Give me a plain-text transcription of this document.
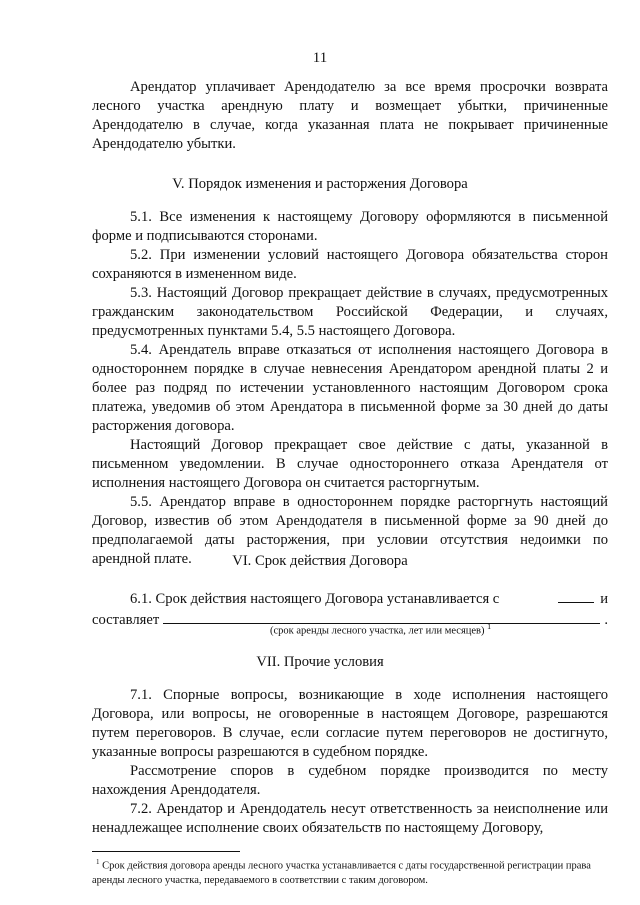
11

Арендатор уплачивает Арендодателю за все время просрочки возврата лесного участка арендную плату и возмещает убытки, причиненные Арендодателю в случае, когда указанная плата не покрывает причиненные Арендодателю убытки.

V. Порядок изменения и расторжения Договора

5.1. Все изменения к настоящему Договору оформляются в письменной форме и подписываются сторонами.

5.2. При изменении условий настоящего Договора обязательства сторон сохраняются в измененном виде.

5.3. Настоящий Договор прекращает действие в случаях, предусмотренных гражданским законодательством Российской Федерации, и случаях, предусмотренных пунктами 5.4, 5.5 настоящего Договора.

5.4. Арендатель вправе отказаться от исполнения настоящего Договора в одностороннем порядке в случае невнесения Арендатором арендной платы 2 и более раз подряд по истечении установленного настоящим Договором срока платежа, уведомив об этом Арендатора в письменной форме за 30 дней до даты расторжения договора.

Настоящий Договор прекращает свое действие с даты, указанной в письменном уведомлении. В случае одностороннего отказа Арендателя от исполнения настоящего Договора он считается расторгнутым.

5.5. Арендатор вправе в одностороннем порядке расторгнуть настоящий Договор, известив об этом Арендодателя в письменной форме за 90 дней до предполагаемой даты расторжения, при условии отсутствия недоимки по арендной плате.	VI. Срок действия Договора
6.1. Срок действия настоящего Договора устанавливается с	и
составляет	.
(срок аренды лесного участка, лет или месяцев) $^1$
VII. Прочие условия

7.1. Спорные вопросы, возникающие в ходе исполнения настоящего Договора, или вопросы, не оговоренные в настоящем Договоре, разрешаются путем переговоров. В случае, если согласие путем переговоров не достигнуто, указанные вопросы разрешаются в судебном порядке.

Рассмотрение споров в судебном порядке производится по месту нахождения Арендодателя.

7.2. Арендатор и Арендодатель несут ответственность за неисполнение или ненадлежащее исполнение своих обязательств по настоящему Договору,

$^1$ Срок действия договора аренды лесного участка устанавливается с даты государственной регистрации права аренды лесного участка, передаваемого в соответствии с таким договором.
